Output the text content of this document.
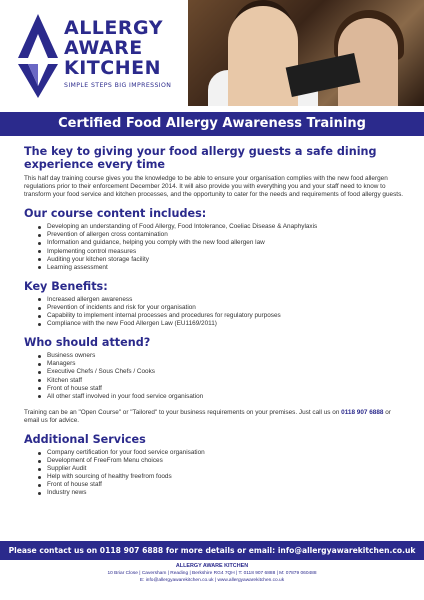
ALLERGY
AWARE
KITCHEN
SIMPLE STEPS BIG IMPRESSION
Certified Food Allergy Awareness Training
The key to giving your food allergy guests a safe dining experience every time

This half day training course gives you the knowledge to be able to ensure your organisation complies with the new food allergen regulations prior to their enforcement December 2014. It will also provide you with everything you and your staff need to know to transform your food service and kitchen processes, and the opportunity to cater for the needs and requirements of food allergy guests.

Our course content includes:
Developing an understanding of Food Allergy, Food Intolerance, Coeliac Disease & Anaphylaxis
Prevention of allergen cross contamination
Information and guidance, helping you comply with the new food allergen law
Implementing control measures
Auditing your kitchen storage facility
Learning assessment
Key Benefits:
Increased allergen awareness
Prevention of incidents and risk for your organisation
Capability to implement internal processes and procedures for regulatory purposes
Compliance with the new Food Allergen Law (EU1169/2011)
Who should attend?
Business owners
Managers
Executive Chefs / Sous Chefs / Cooks
Kitchen staff
Front of house staff
All other staff involved in your food service organisation

Training can be an "Open Course" or "Tailored" to your business requirements on your premises. Just call us on 0118 907 6888 or email us for advice.

Additional Services
Company certification for your food service organisation
Development of FreeFrom Menu choices
Supplier Audit
Help with sourcing of healthy freefrom foods
Front of house staff
Industry news
Please contact us on 0118 907 6888 for more details or email: info@allergyawarekitchen.co.uk
ALLERGY AWARE KITCHEN
10 Briar Close | Caversham | Reading | Berkshire RG4 7QH | T: 0118 907 6888 | M: 07879 060488
E: info@allergyawarekitchen.co.uk | www.allergyawarekitchen.co.uk
